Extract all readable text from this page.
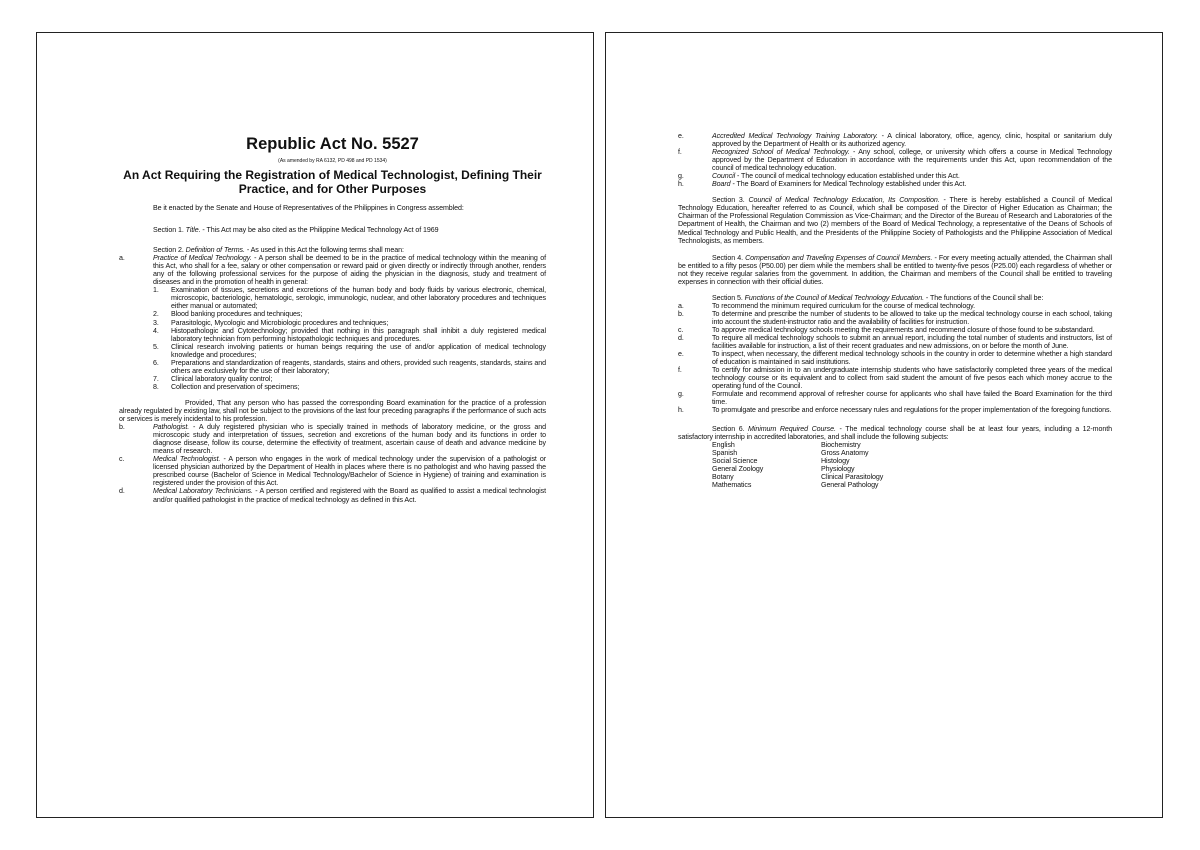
Republic Act No. 5527
$^{(As amended by RA 6132, PD 498 and PD 1534)}$
An Act Requiring the Registration of Medical Technologist, Defining Their Practice, and for Other Purposes

Be it enacted by the Senate and House of Representatives of the Philippines in Congress assembled:

Section 1. Title. - This Act may be also cited as the Philippine Medical Technology Act of 1969

Section 2. Definition of Terms. - As used in this Act the following terms shall mean:

a.	Practice of Medical Technology. - A person shall be deemed to be in the practice of medical technology within the meaning of this Act, who shall for a fee, salary or other compensation or reward paid or given directly or indirectly through another, renders any of the following professional services for the purpose of aiding the physician in the diagnosis, study and treatment of diseases and in the promotion of health in general:
1. Examination of tissues, secretions and excretions of the human body and body fluids by various electronic, chemical, microscopic, bacteriologic, hematologic, serologic, immunologic, nuclear, and other laboratory procedures and techniques either manual or automated;
2. Blood banking procedures and techniques;
3. Parasitologic, Mycologic and Microbiologic procedures and techniques;
4. Histopathologic and Cytotechnology; provided that nothing in this paragraph shall inhibit a duly registered medical laboratory technician from performing histopathologic techniques and procedures.
5. Clinical research involving patients or human beings requiring the use of and/or application of medical technology knowledge and procedures;
6. Preparations and standardization of reagents, standards, stains and others, provided such reagents, standards, stains and others are exclusively for the use of their laboratory;
7. Clinical laboratory quality control;
8. Collection and preservation of specimens;

Provided, That any person who has passed the corresponding Board examination for the practice of a profession already regulated by existing law, shall not be subject to the provisions of the last four preceding paragraphs if the performance of such acts or services is merely incidental to his profession.

b.	Pathologist. - A duly registered physician who is specially trained in methods of laboratory medicine, or the gross and microscopic study and interpretation of tissues, secretion and excretions of the human body and its functions in order to diagnose disease, follow its course, determine the effectivity of treatment, ascertain cause of death and advance medicine by means of research.
c.	Medical Technologist. - A person who engages in the work of medical technology under the supervision of a pathologist or licensed physician authorized by the Department of Health in places where there is no pathologist and who having passed the prescribed course (Bachelor of Science in Medical Technology/Bachelor of Science in Hygiene) of training and examination is registered under the provision of this Act.
d.	Medical Laboratory Technicians. - A person certified and registered with the Board as qualified to assist a medical technologist and/or qualified pathologist in the practice of medical technology as defined in this Act.
e.	Accredited Medical Technology Training Laboratory. - A clinical laboratory, office, agency, clinic, hospital or sanitarium duly approved by the Department of Health or its authorized agency.
f.	Recognized School of Medical Technology. - Any school, college, or university which offers a course in Medical Technology approved by the Department of Education in accordance with the requirements under this Act, upon recommendation of the council of medical technology education.
g.	Council - The council of medical technology education established under this Act.
h.	Board - The Board of Examiners for Medical Technology established under this Act.

Section 3. Council of Medical Technology Education, Its Composition. - There is hereby established a Council of Medical Technology Education, hereafter referred to as Council, which shall be composed of the Director of Higher Education as Chairman; the Chairman of the Professional Regulation Commission as Vice-Chairman; and the Director of the Bureau of Research and Laboratories of the Department of Health, the Chairman and two (2) members of the Board of Medical Technology, a representative of the Deans of Schools of Medical Technology and Public Health, and the Presidents of the Philippine Society of Pathologists and the Philippine Association of Medical Technologists, as members.

Section 4. Compensation and Traveling Expenses of Council Members. - For every meeting actually attended, the Chairman shall be entitled to a fifty pesos (P50.00) per diem while the members shall be entitled to twenty-five pesos (P25.00) each regardless of whether or not they receive regular salaries from the government. In addition, the Chairman and members of the Council shall be entitled to traveling expenses in connection with their official duties.

Section 5. Functions of the Council of Medical Technology Education. - The functions of the Council shall be:

a.	To recommend the minimum required curriculum for the course of medical technology.
b.	To determine and prescribe the number of students to be allowed to take up the medical technology course in each school, taking into account the student-instructor ratio and the availability of facilities for instruction.
c.	To approve medical technology schools meeting the requirements and recommend closure of those found to be substandard.
d.	To require all medical technology schools to submit an annual report, including the total number of students and instructors, list of facilities available for instruction, a list of their recent graduates and new admissions, on or before the month of June.
e.	To inspect, when necessary, the different medical technology schools in the country in order to determine whether a high standard of education is maintained in said institutions.
f.	To certify for admission in to an undergraduate internship students who have satisfactorily completed three years of the medical technology course or its equivalent and to collect from said student the amount of five pesos each which money accrue to the operating fund of the Council.
g.	Formulate and recommend approval of refresher course for applicants who shall have failed the Board Examination for the third time.
h.	To promulgate and prescribe and enforce necessary rules and regulations for the proper implementation of the foregoing functions.

Section 6. Minimum Required Course. - The medical technology course shall be at least four years, including a 12-month satisfactory internship in accredited laboratories, and shall include the following subjects:

English	Biochemistry
Spanish	Gross Anatomy
Social Science	Histology
General Zoology	Physiology
Botany	Clinical Parasitology
Mathematics	General Pathology
